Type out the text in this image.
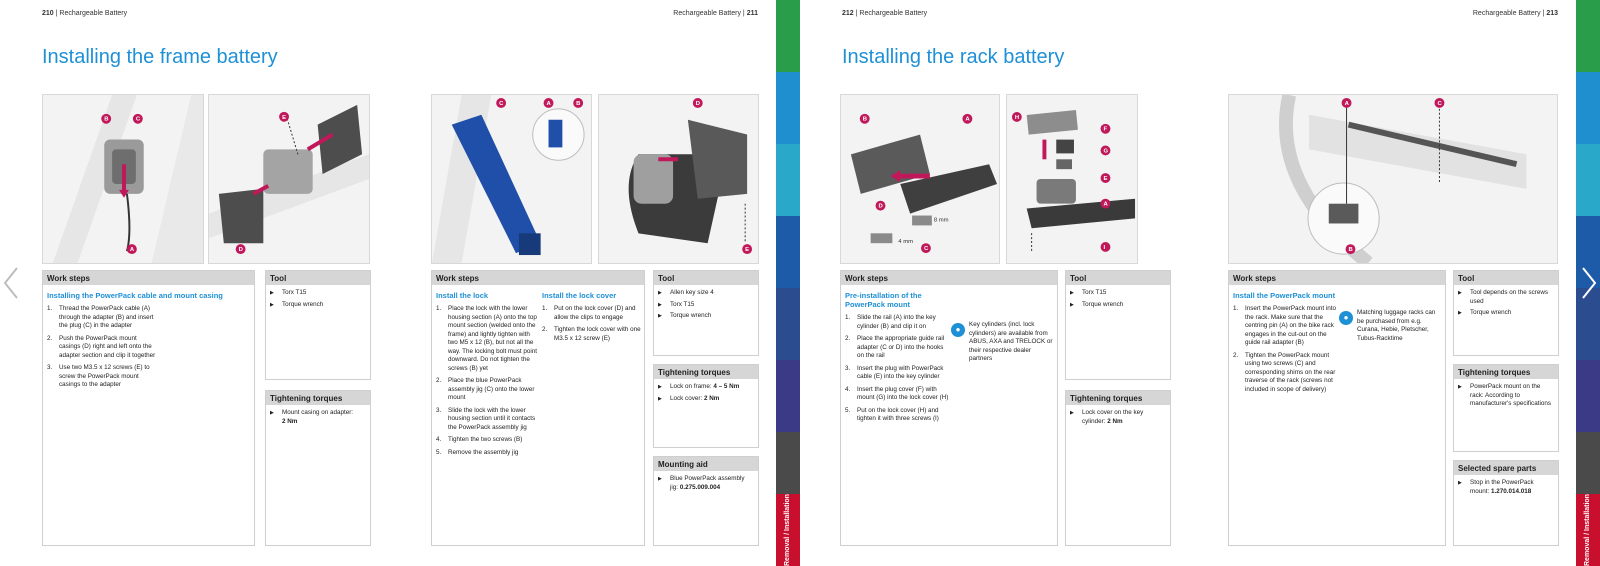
210 | Rechargeable Battery
Installing the frame battery
B	C
A
E
D
Work steps
Installing the PowerPack cable and mount casing
1. Thread the PowerPack cable (A) through the adapter (B) and insert the plug (C) in the adapter
2. Push the PowerPack mount casings (D) right and left onto the adapter section and clip it together
3. Use two M3.5 x 12 screws (E) to screw the PowerPack mount casings to the adapter
Tool
▶ Torx T15
▶ Torque wrench
Tightening torques
▶ Mount casing on adapter:
2 Nm
Rechargeable Battery | 211
C	A	B	D
E
Work steps
Install the lock
1. Place the lock with the lower housing section (A) onto the top mount section (welded onto the frame) and lightly tighten with two M5 x 12 (B), but not all the way. The locking bolt must point downward. Do not tighten the screws (B) yet
2. Place the blue PowerPack assembly jig (C) onto the lower mount
3. Slide the lock with the lower housing section until it contacts the PowerPack assembly jig
4. Tighten the two screws (B)
5. Remove the assembly jig
Install the lock cover
1. Put on the lock cover (D) and allow the clips to engage
2. Tighten the lock cover with one M3.5 x 12 screw (E)
Tool
▶ Allen key size 4
▶ Torx T15
▶ Torque wrench
Tightening torques
▶ Lock on frame: 4 – 5 Nm
▶ Lock cover: 2 Nm
Mounting aid
▶ Blue PowerPack assembly jig: 0.275.009.004
Removal / Installation
212 | Rechargeable Battery
Installing the rack battery
4 mm
8 mm
B	A
D
C
H
F
G
E
A
I
Work steps
Pre-installation of the PowerPack mount
1. Slide the rail (A) into the key cylinder (B) and clip it on
2. Place the appropriate guide rail adapter (C or D) into the hooks on the rail
3. Insert the plug with PowerPack cable (E) into the key cylinder
4. Insert the plug cover (F) with mount (G) into the lock cover (H)
5. Put on the lock cover (H) and tighten it with three screws (I)
●
Key cylinders (incl. lock cylinders) are available from ABUS, AXA and TRELOCK or their respective dealer partners
Tool
▶ Torx T15
▶ Torque wrench
Tightening torques
▶ Lock cover on the key cylinder: 2 Nm
Rechargeable Battery | 213
A	C
B
Work steps
Install the PowerPack mount
1. Insert the PowerPack mount into the rack. Make sure that the centring pin (A) on the bike rack engages in the cut-out on the guide rail adapter (B)
2. Tighten the PowerPack mount using two screws (C) and corresponding shims on the rear traverse of the rack (screws not included in scope of delivery)
●
Matching luggage racks can be purchased from e.g. Curana, Hebie, Pletscher, Tubus-Racktime
Tool
▶ Tool depends on the screws used
▶ Torque wrench
Tightening torques
▶ PowerPack mount on the rack: According to manufacturer's specifications
Selected spare parts
▶ Stop in the PowerPack mount: 1.270.014.018
Removal / Installation
